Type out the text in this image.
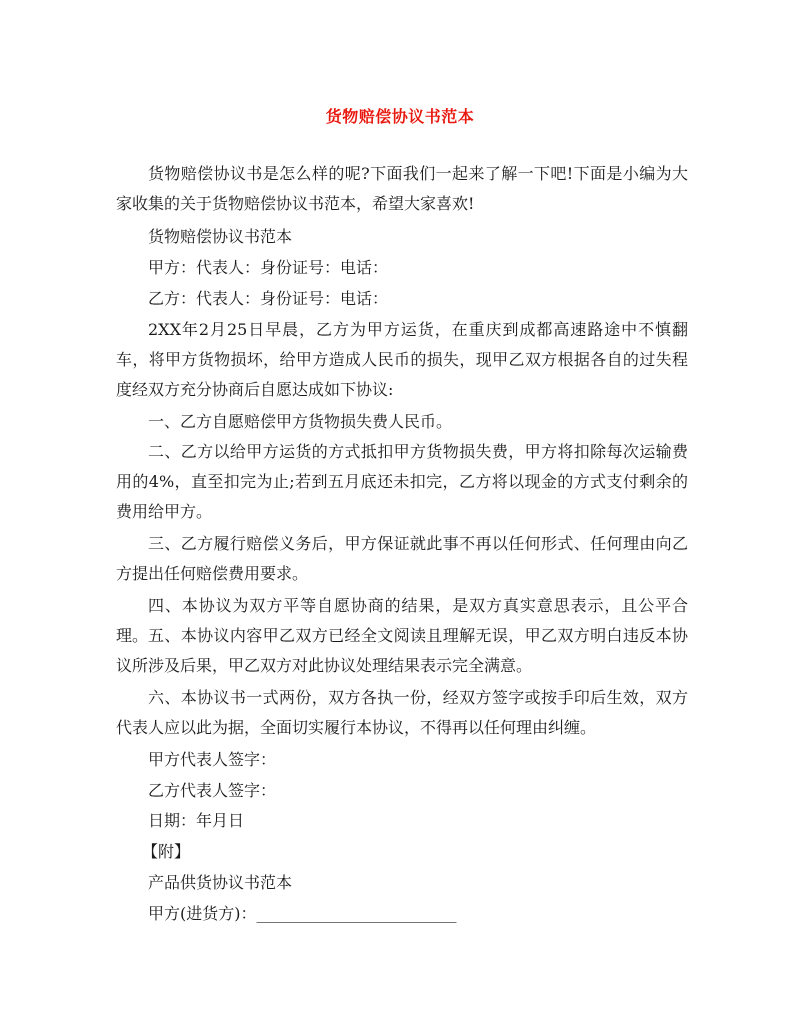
货物赔偿协议书范本

货物赔偿协议书是怎么样的呢?下面我们一起来了解一下吧!下面是小编为大家收集的关于货物赔偿协议书范本，希望大家喜欢!

货物赔偿协议书范本
甲方：代表人：身份证号：电话：
乙方：代表人：身份证号：电话：

2XX年2月25日早晨，乙方为甲方运货，在重庆到成都高速路途中不慎翻车，将甲方货物损坏，给甲方造成人民币的损失，现甲乙双方根据各自的过失程度经双方充分协商后自愿达成如下协议:

一、乙方自愿赔偿甲方货物损失费人民币。

二、乙方以给甲方运货的方式抵扣甲方货物损失费，甲方将扣除每次运输费用的4%，直至扣完为止;若到五月底还未扣完，乙方将以现金的方式支付剩余的费用给甲方。

三、乙方履行赔偿义务后，甲方保证就此事不再以任何形式、任何理由向乙方提出任何赔偿费用要求。

四、本协议为双方平等自愿协商的结果，是双方真实意思表示，且公平合理。 五、本协议内容甲乙双方已经全文阅读且理解无误，甲乙双方明白违反本协议所涉及后果，甲乙双方对此协议处理结果表示完全满意。

六、本协议书一式两份，双方各执一份，经双方签字或按手印后生效，双方代表人应以此为据，全面切实履行本协议，不得再以任何理由纠缠。

甲方代表人签字：
乙方代表人签字：
日期：年月日
【附】
产品供货协议书范本
甲方(进货方)：_________________________
